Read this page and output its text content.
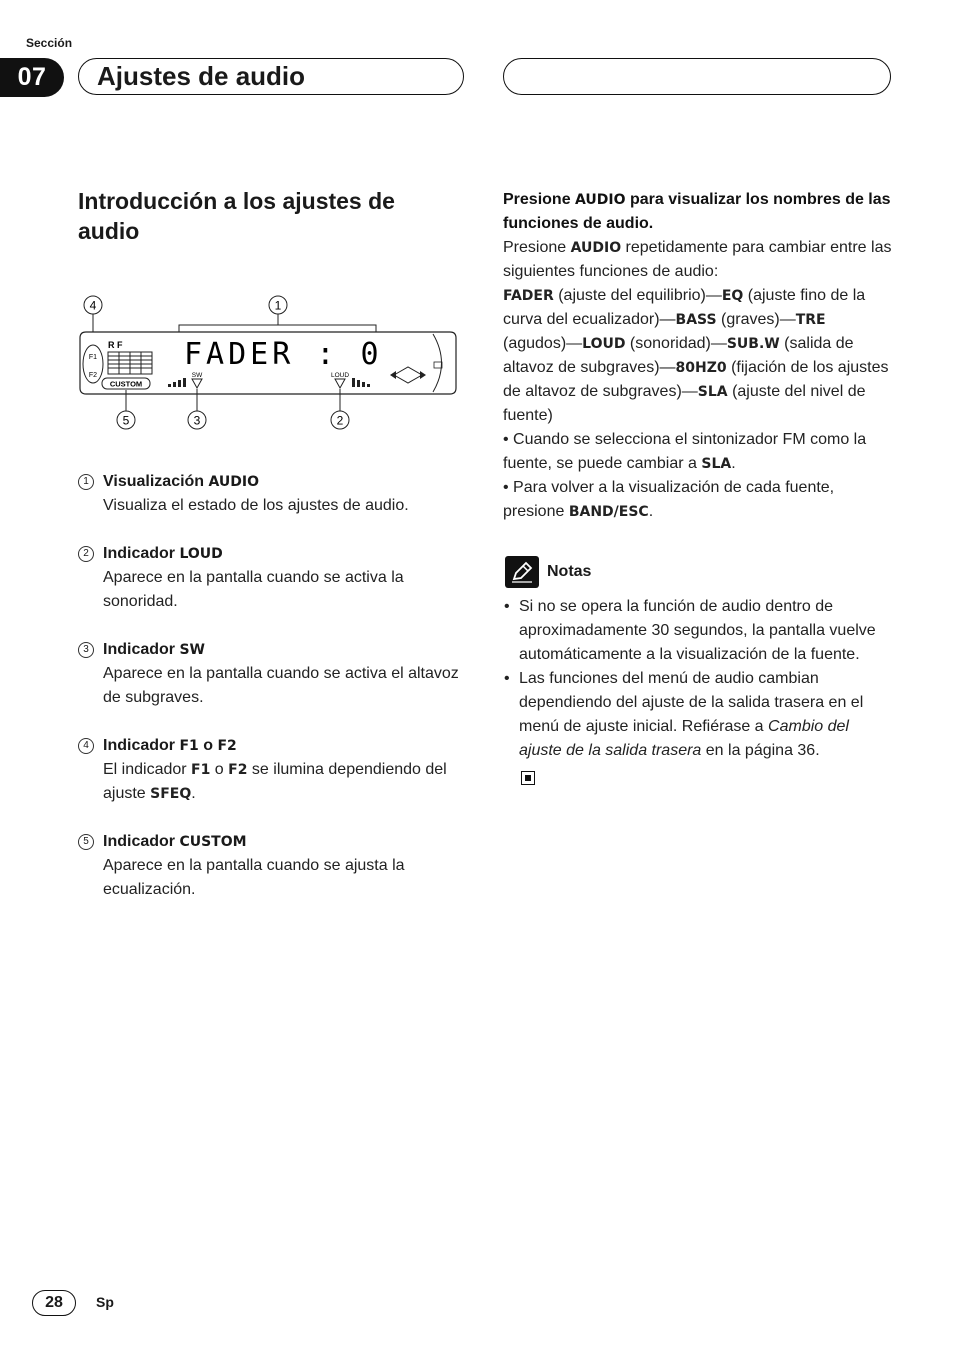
Sección
07	Ajustes de audio
Introducción a los ajustes de audio
4	1
F1
F2
R F
CUSTOM
FADER : 0
SW	LOUD
5	3	2
1 Visualización AUDIO
Visualiza el estado de los ajustes de audio.
2 Indicador LOUD
Aparece en la pantalla cuando se activa la sonoridad.
3 Indicador SW
Aparece en la pantalla cuando se activa el altavoz de subgraves.
4 Indicador F1 o F2
El indicador F1 o F2 se ilumina dependiendo del ajuste SFEQ.
5 Indicador CUSTOM
Aparece en la pantalla cuando se ajusta la ecualización.
Presione AUDIO para visualizar los nombres de las funciones de audio.
Presione AUDIO repetidamente para cambiar entre las siguientes funciones de audio:
FADER (ajuste del equilibrio)—EQ (ajuste fino de la curva del ecualizador)—BASS (graves)—TRE (agudos)—LOUD (sonoridad)—SUB.W (salida de altavoz de subgraves)—80HZ0 (fijación de los ajustes de altavoz de subgraves)—SLA (ajuste del nivel de fuente)
• Cuando se selecciona el sintonizador FM como la fuente, se puede cambiar a SLA.
• Para volver a la visualización de cada fuente, presione BAND/ESC.
Notas
• Si no se opera la función de audio dentro de aproximadamente 30 segundos, la pantalla vuelve automáticamente a la visualización de la fuente.
• Las funciones del menú de audio cambian dependiendo del ajuste de la salida trasera en el menú de ajuste inicial. Refiérase a Cambio del ajuste de la salida trasera en la página 36.
28	Sp
